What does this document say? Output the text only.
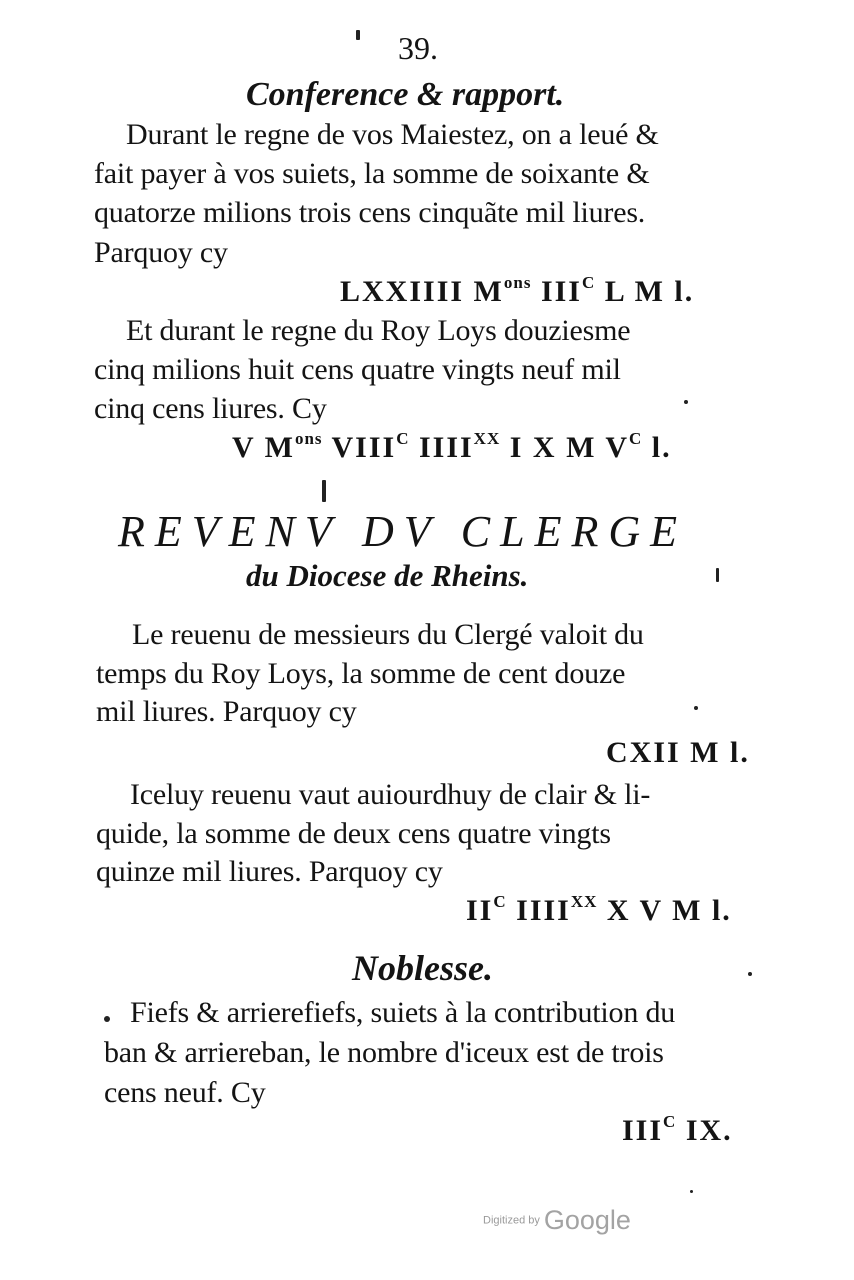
39.
Conference & rapport.
Durant le regne de vos Maiestez, on a leué &
fait payer à vos suiets, la somme de soixante &
quatorze milions trois cens cinquãte mil liures.
Parquoy cy
LXXIIII $M^{ons}$ $III^C$ L M l.
Et durant le regne du Roy Loys douziesme
cinq milions huit cens quatre vingts neuf mil
cinq cens liures. Cy
V $M^{ons}$ $VIII^C$ $IIII^{XX}$ I X M $V^C$ l.
REVENV DV CLERGE
du Diocese de Rheins.
Le reuenu de messieurs du Clergé valoit du
temps du Roy Loys, la somme de cent douze
mil liures. Parquoy cy
CXII M l.
Iceluy reuenu vaut auiourdhuy de clair & li-
quide, la somme de deux cens quatre vingts
quinze mil liures. Parquoy cy
$II^C$ $IIII^{XX}$ X V M l.
Noblesse.
Fiefs & arrierefiefs, suiets à la contribution du
ban & arriereban, le nombre d'iceux est de trois
cens neuf. Cy
$III^C$ IX.
Digitized by Google
